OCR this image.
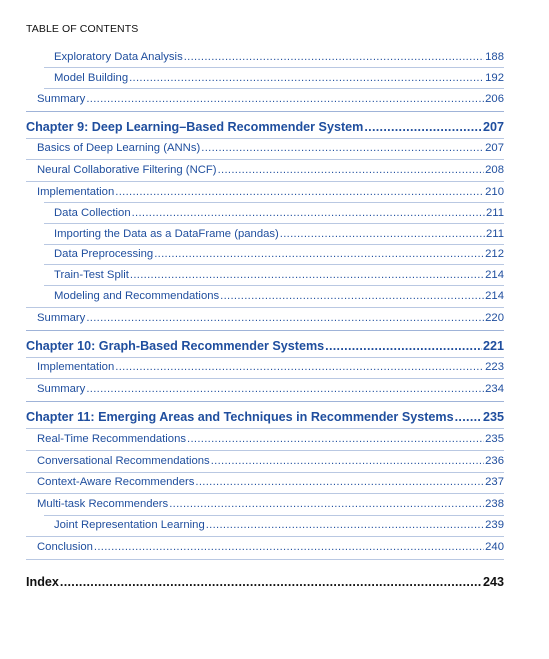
TABLE OF CONTENTS
Exploratory Data Analysis .....	188
Model Building .....	192
Summary .....	206
Chapter 9: Deep Learning–Based Recommender System .....	207
Basics of Deep Learning (ANNs) .....	207
Neural Collaborative Filtering (NCF) .....	208
Implementation .....	210
Data Collection .....	211
Importing the Data as a DataFrame (pandas) .....	211
Data Preprocessing .....	212
Train-Test Split .....	214
Modeling and Recommendations .....	214
Summary .....	220
Chapter 10: Graph-Based Recommender Systems .....	221
Implementation .....	223
Summary .....	234
Chapter 11: Emerging Areas and Techniques in Recommender Systems ..... 235
Real-Time Recommendations .....	235
Conversational Recommendations .....	236
Context-Aware Recommenders .....	237
Multi-task Recommenders .....	238
Joint Representation Learning .....	239
Conclusion .....	240
Index .....	243
